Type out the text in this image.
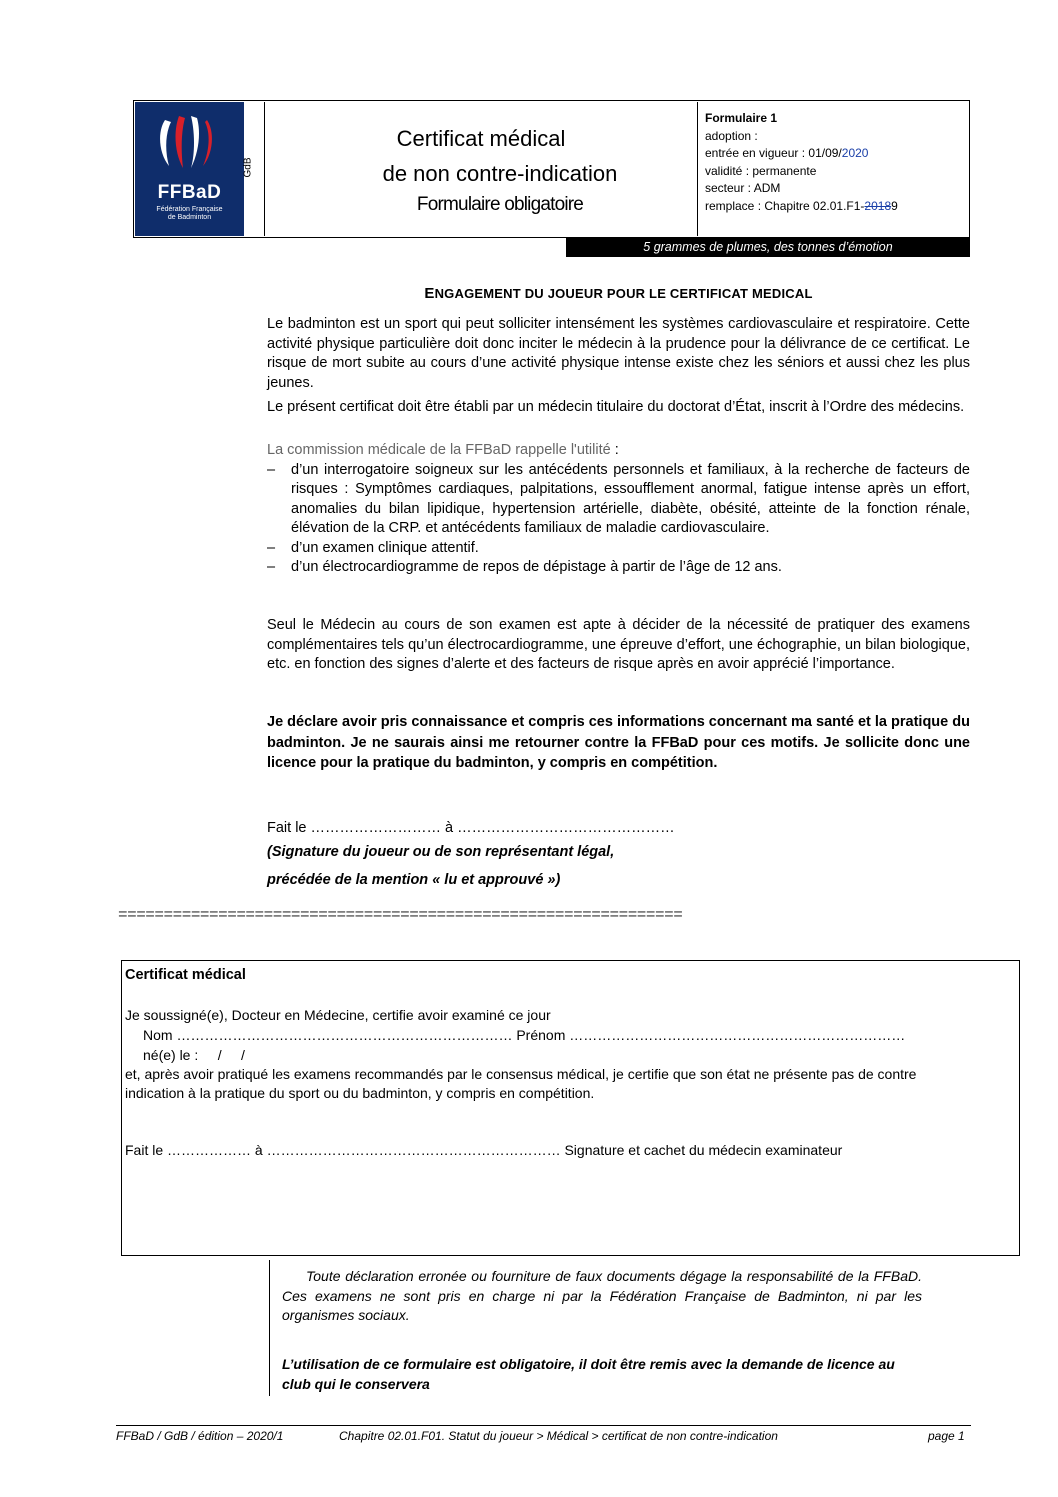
FFBaD
Fédération Française
de Badminton
GdB
Certificat médical
de non contre-indication
Formulaire obligatoire
Formulaire 1
adoption :
entrée en vigueur : 01/09/2020
validité : permanente
secteur : ADM
remplace : Chapitre 02.01.F1-20189
5 grammes de plumes, des tonnes d’émotion
ENGAGEMENT DU JOUEUR POUR LE CERTIFICAT MEDICAL
Le badminton est un sport qui peut solliciter intensément les systèmes cardiovasculaire et respiratoire. Cette activité physique particulière doit donc inciter le médecin à la prudence pour la délivrance de ce certificat. Le risque de mort subite au cours d’une activité physique intense existe chez les séniors et aussi chez les plus jeunes.
Le présent certificat doit être établi par un médecin titulaire du doctorat d’État, inscrit à l’Ordre des médecins.
La commission médicale de la FFBaD rappelle l'utilité :
– d’un interrogatoire soigneux sur les antécédents personnels et familiaux, à la recherche de facteurs de risques : Symptômes cardiaques, palpitations, essoufflement anormal, fatigue intense après un effort, anomalies du bilan lipidique, hypertension artérielle, diabète, obésité, atteinte de la fonction rénale, élévation de la CRP. et antécédents familiaux de maladie cardiovasculaire.
– d’un examen clinique attentif.
– d’un électrocardiogramme de repos de dépistage à partir de l’âge de 12 ans.
Seul le Médecin au cours de son examen est apte à décider de la nécessité de pratiquer des examens complémentaires tels qu’un électrocardiogramme, une épreuve d’effort, une échographie, un bilan biologique, etc. en fonction des signes d’alerte et des facteurs de risque après en avoir apprécié l’importance.
Je déclare avoir pris connaissance et compris ces informations concernant ma santé et la pratique du badminton. Je ne saurais ainsi me retourner contre la FFBaD pour ces motifs. Je sollicite donc une licence pour la pratique du badminton, y compris en compétition.
Fait le ……………………… à ………………………………………
(Signature du joueur ou de son représentant légal,
précédée de la mention « lu et approuvé »)
==============================================================
Certificat médical
Je soussigné(e), Docteur en Médecine, certifie avoir examiné ce jour
Nom ……………………………………………………………… Prénom ………………………………………………………………
né(e) le :     /     /
et, après avoir pratiqué les examens recommandés par le consensus médical, je certifie que son état ne présente pas de contre indication à la pratique du sport ou du badminton, y compris en compétition.
Fait le ……………… à ……………………………………………………… Signature et cachet du médecin examinateur
Toute déclaration erronée ou fourniture de faux documents dégage la responsabilité de la FFBaD. Ces examens ne sont pris en charge ni par la Fédération Française de Badminton, ni par les organismes sociaux.
L’utilisation de ce formulaire est obligatoire, il doit être remis avec la demande de licence au club qui le conservera
FFBaD / GdB / édition – 2020/1	Chapitre 02.01.F01. Statut du joueur > Médical > certificat de non contre-indication	page 1
